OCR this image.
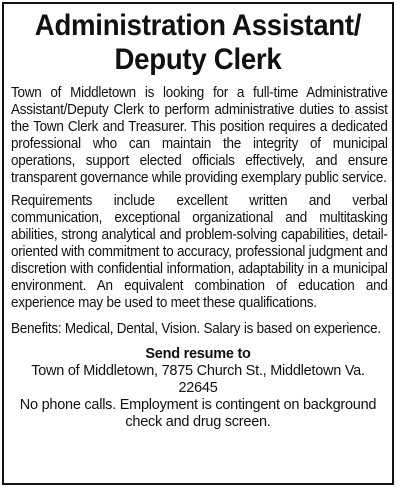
Administration Assistant/
Deputy Clerk

Town of Middletown is looking for a full-time Administrative Assistant/Deputy Clerk to perform administrative duties to assist the Town Clerk and Treasurer. This position requires a dedicated professional who can maintain the integrity of municipal operations, support elected officials effectively, and ensure transparent governance while providing exemplary public service.

Requirements include excellent written and verbal communication, exceptional organizational and multitasking abilities, strong analytical and problem-solving capabilities, detail-oriented with commitment to accuracy, professional judgment and discretion with confidential information, adaptability in a municipal environment. An equivalent combination of education and experience may be used to meet these qualifications.

Benefits: Medical, Dental, Vision. Salary is based on experience.

Send resume to
Town of Middletown, 7875 Church St., Middletown Va. 22645
No phone calls. Employment is contingent on background check and drug screen.
